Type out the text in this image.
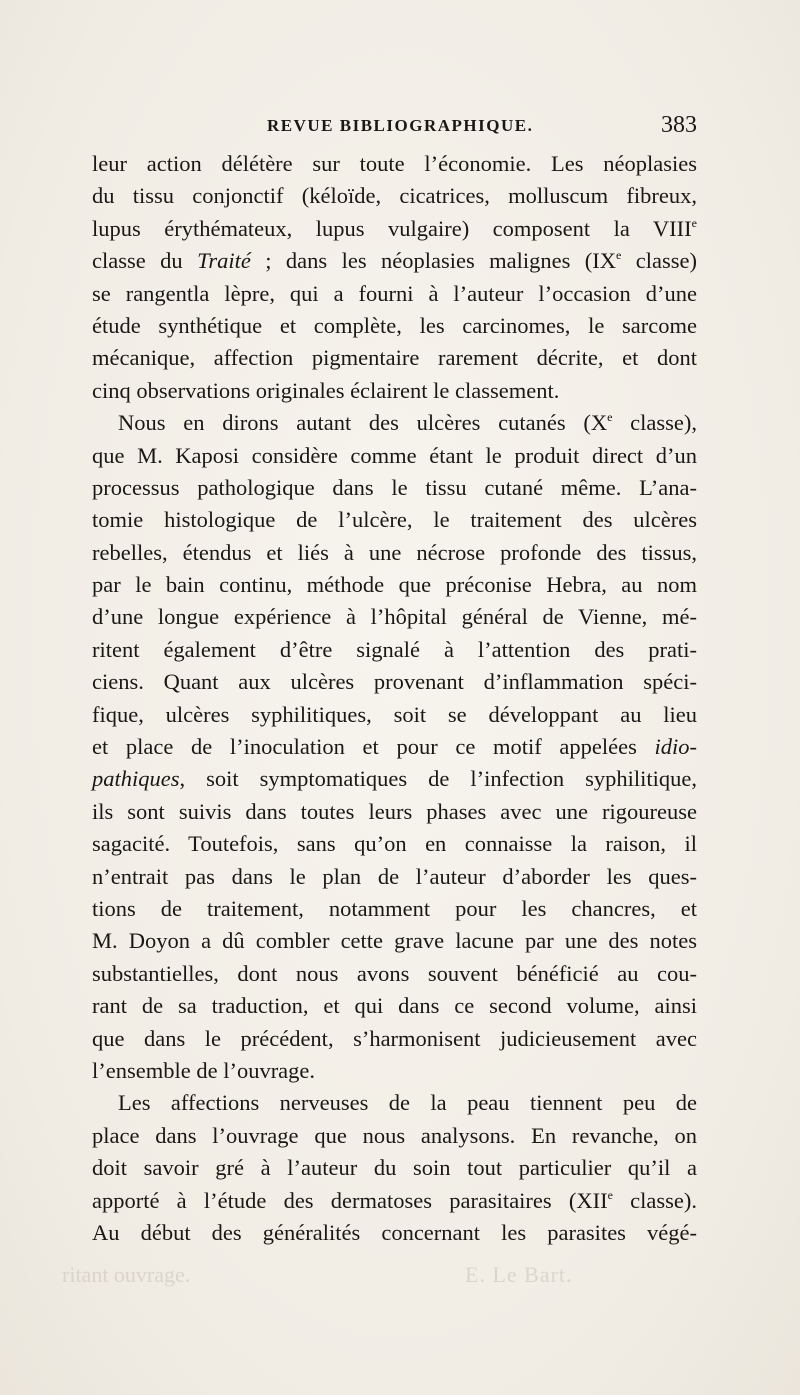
REVUE BIBLIOGRAPHIQUE.	383
leur action délétère sur toute l’économie. Les néoplasies
du tissu conjonctif (kéloïde, cicatrices, molluscum fibreux,
lupus érythémateux, lupus vulgaire) composent la VIIIe
classe du Traité ; dans les néoplasies malignes (IXe classe)
se rangentla lèpre, qui a fourni à l’auteur l’occasion d’une
étude synthétique et complète, les carcinomes, le sarcome
mécanique, affection pigmentaire rarement décrite, et dont
cinq observations originales éclairent le classement.
Nous en dirons autant des ulcères cutanés (Xe classe),
que M. Kaposi considère comme étant le produit direct d’un
processus pathologique dans le tissu cutané même. L’ana-
tomie histologique de l’ulcère, le traitement des ulcères
rebelles, étendus et liés à une nécrose profonde des tissus,
par le bain continu, méthode que préconise Hebra, au nom
d’une longue expérience à l’hôpital général de Vienne, mé-
ritent également d’être signalé à l’attention des prati-
ciens. Quant aux ulcères provenant d’inflammation spéci-
fique, ulcères syphilitiques, soit se développant au lieu
et place de l’inoculation et pour ce motif appelées idio-
pathiques, soit symptomatiques de l’infection syphilitique,
ils sont suivis dans toutes leurs phases avec une rigoureuse
sagacité. Toutefois, sans qu’on en connaisse la raison, il
n’entrait pas dans le plan de l’auteur d’aborder les ques-
tions de traitement, notamment pour les chancres, et
M. Doyon a dû combler cette grave lacune par une des notes
substantielles, dont nous avons souvent bénéficié au cou-
rant de sa traduction, et qui dans ce second volume, ainsi
que dans le précédent, s’harmonisent judicieusement avec
l’ensemble de l’ouvrage.
Les affections nerveuses de la peau tiennent peu de
place dans l’ouvrage que nous analysons. En revanche, on
doit savoir gré à l’auteur du soin tout particulier qu’il a
apporté à l’étude des dermatoses parasitaires (XIIe classe).
Au début des généralités concernant les parasites végé-
ritant ouvrage.	E. Le Bart.
